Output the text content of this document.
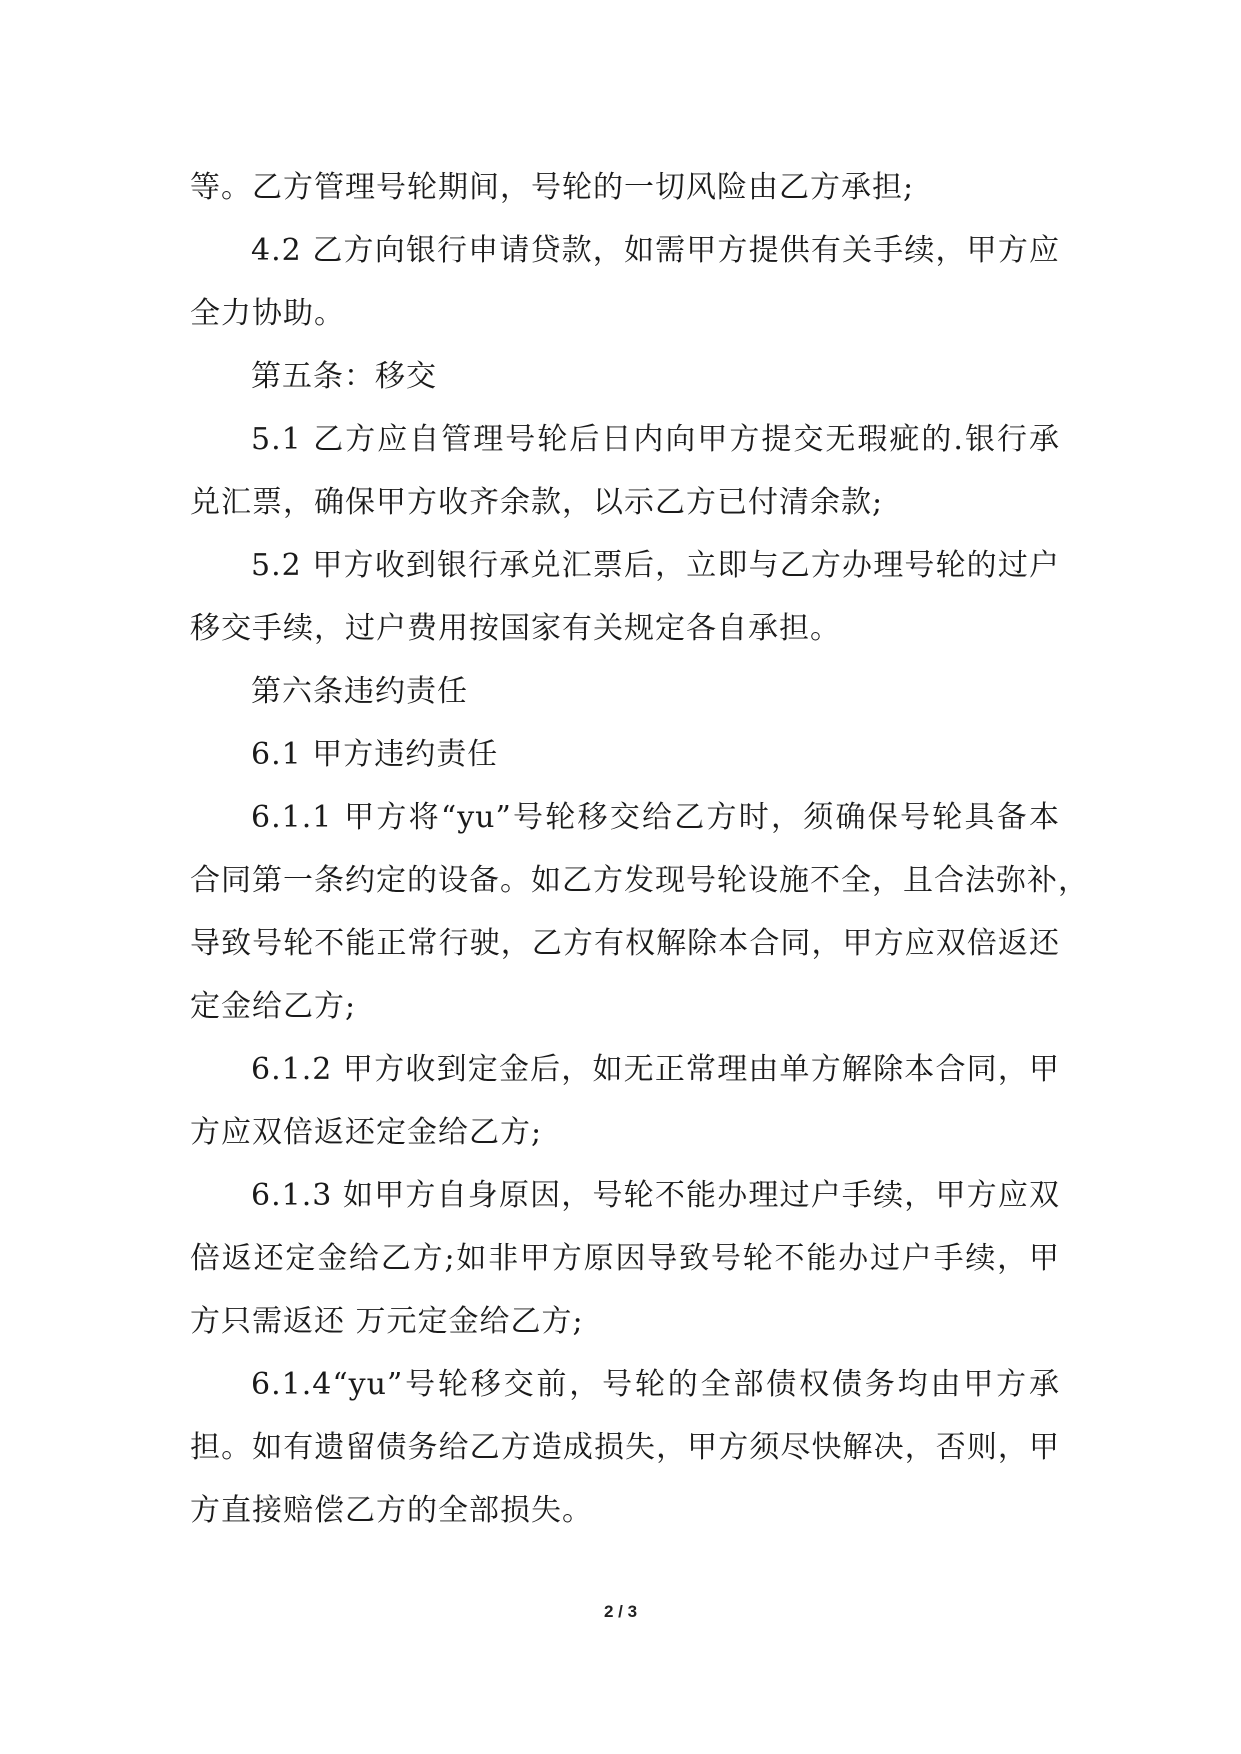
等。乙方管理号轮期间，号轮的一切风险由乙方承担;
4.2 乙方向银行申请贷款，如需甲方提供有关手续，甲方应
全力协助。
第五条：移交
5.1 乙方应自管理号轮后日内向甲方提交无瑕疵的.银行承
兑汇票，确保甲方收齐余款，以示乙方已付清余款;
5.2 甲方收到银行承兑汇票后，立即与乙方办理号轮的过户
移交手续，过户费用按国家有关规定各自承担。
第六条违约责任
6.1 甲方违约责任
6.1.1 甲方将“yu”号轮移交给乙方时，须确保号轮具备本
合同第一条约定的设备。如乙方发现号轮设施不全，且合法弥补，
导致号轮不能正常行驶，乙方有权解除本合同，甲方应双倍返还
定金给乙方;
6.1.2 甲方收到定金后，如无正常理由单方解除本合同，甲
方应双倍返还定金给乙方;
6.1.3 如甲方自身原因，号轮不能办理过户手续，甲方应双
倍返还定金给乙方;如非甲方原因导致号轮不能办过户手续，甲
方只需返还 万元定金给乙方;
6.1.4“yu”号轮移交前，号轮的全部债权债务均由甲方承
担。如有遗留债务给乙方造成损失，甲方须尽快解决，否则，甲
方直接赔偿乙方的全部损失。
2 / 3
